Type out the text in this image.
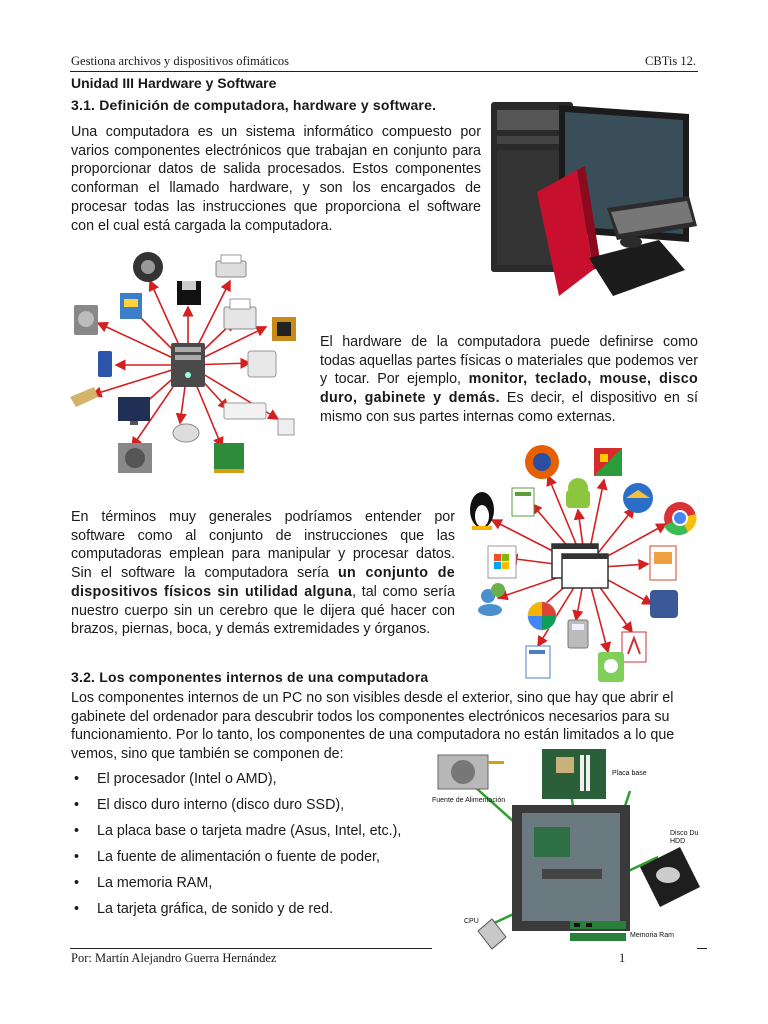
Gestiona archivos y dispositivos ofimáticos	CBTis 12.
Unidad III Hardware y Software
3.1. Definición de computadora, hardware y software.
Una computadora es un sistema informático compuesto por varios componentes electrónicos que trabajan en conjunto para proporcionar datos de salida procesados. Estos componentes conforman el llamado hardware, y son los encargados de procesar todas las instrucciones que proporciona el software con el cual está cargada la computadora.
El hardware de la computadora puede definirse como todas aquellas partes físicas o materiales que podemos ver y tocar. Por ejemplo, monitor, teclado, mouse, disco duro, gabinete y demás. Es decir, el dispositivo en sí mismo con sus partes internas como externas.
En términos muy generales podríamos entender por software como al conjunto de instrucciones que las computadoras emplean para manipular y procesar datos. Sin el software la computadora sería un conjunto de dispositivos físicos sin utilidad alguna, tal como sería nuestro cuerpo sin un cerebro que le dijera qué hacer con brazos, piernas, boca, y demás extremidades y órganos.
3.2. Los componentes internos de una computadora
Los componentes internos de un PC no son visibles desde el exterior, sino que hay que abrir el gabinete del ordenador para descubrir todos los componentes electrónicos necesarios para su funcionamiento. Por lo tanto, los componentes de una computadora no están limitados a lo que vemos, sino que también se componen de:
• El procesador (Intel o AMD),
• El disco duro interno (disco duro SSD),
• La placa base o tarjeta madre (Asus, Intel, etc.),
• La fuente de alimentación o fuente de poder,
• La memoria RAM,
• La tarjeta gráfica, de sonido y de red.
Fuente de Alimentación
Placa base
Disco Du
HDD
CPU
Memoria Ram
Por: Martín Alejandro Guerra Hernández	1
